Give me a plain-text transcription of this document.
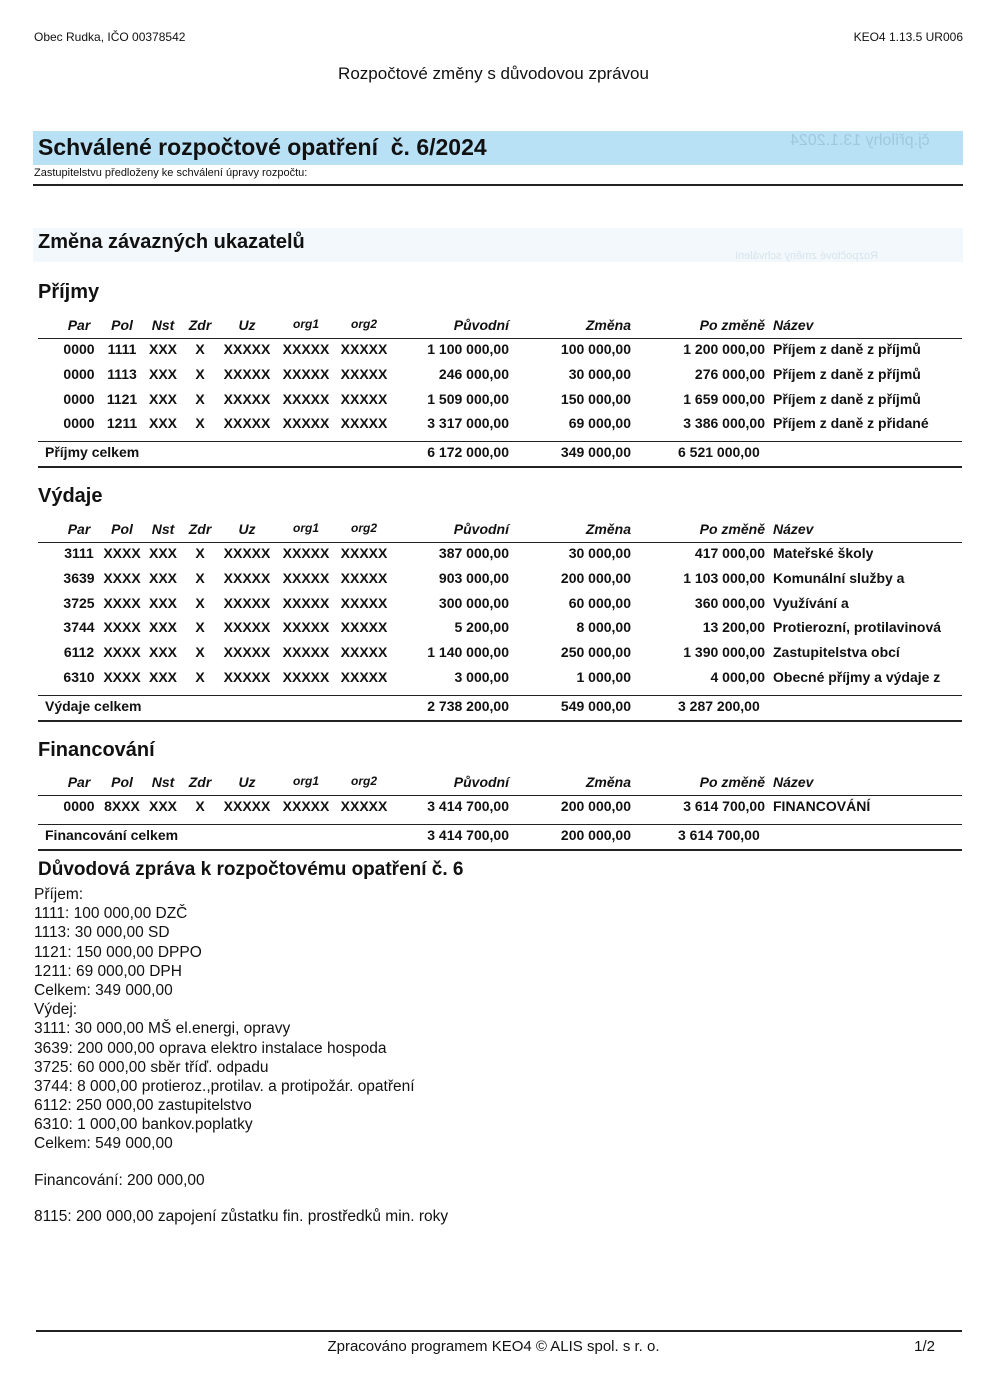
Obec Rudka, IČO 00378542	KEO4 1.13.5 UR006
Rozpočtové změny s důvodovou zprávou
čj.přílohy 13.1.2024
Schválené rozpočtové opatření  č. 6/2024
Zastupitelstvu předloženy ke schválení úpravy rozpočtu:
Rozpočtové změny schválení
Změna závazných ukazatelů
Příjmy
Par	Pol	Nst	Zdr	Uz	org1	org2	Původní	Změna	Po změně Název
0000 1111 XXX	X	XXXXX XXXXX XXXXX	1 100 000,00	100 000,00	1 200 000,00 Příjem z daně z příjmů
0000 1113 XXX	X	XXXXX XXXXX XXXXX	246 000,00	30 000,00	276 000,00 Příjem z daně z příjmů
0000 1121 XXX	X	XXXXX XXXXX XXXXX	1 509 000,00	150 000,00	1 659 000,00 Příjem z daně z příjmů
0000 1211 XXX	X	XXXXX XXXXX XXXXX	3 317 000,00	69 000,00	3 386 000,00 Příjem z daně z přidané
Příjmy celkem	6 172 000,00	349 000,00	6 521 000,00
Výdaje
Par	Pol	Nst	Zdr	Uz	org1	org2	Původní	Změna	Po změně Název
3111 XXXX XXX	X	XXXXX XXXXX XXXXX	387 000,00	30 000,00	417 000,00 Mateřské školy
3639 XXXX XXX	X	XXXXX XXXXX XXXXX	903 000,00	200 000,00	1 103 000,00 Komunální služby a
3725 XXXX XXX	X	XXXXX XXXXX XXXXX	300 000,00	60 000,00	360 000,00 Využívání a
3744 XXXX XXX	X	XXXXX XXXXX XXXXX	5 200,00	8 000,00	13 200,00 Protierozní, protilavinová
6112 XXXX XXX	X	XXXXX XXXXX XXXXX	1 140 000,00	250 000,00	1 390 000,00 Zastupitelstva obcí
6310 XXXX XXX	X	XXXXX XXXXX XXXXX	3 000,00	1 000,00	4 000,00 Obecné příjmy a výdaje z
Výdaje celkem	2 738 200,00	549 000,00	3 287 200,00
Financování
Par	Pol	Nst	Zdr	Uz	org1	org2	Původní	Změna	Po změně Název
0000 8XXX XXX	X	XXXXX XXXXX XXXXX	3 414 700,00	200 000,00	3 614 700,00 FINANCOVÁNÍ
Financování celkem	3 414 700,00	200 000,00	3 614 700,00
Důvodová zpráva k rozpočtovému opatření č. 6
Příjem:
1111: 100 000,00 DZČ
1113: 30 000,00 SD
1121: 150 000,00 DPPO
1211: 69 000,00 DPH
Celkem: 349 000,00
Výdej:
3111: 30 000,00 MŠ el.energi, opravy
3639: 200 000,00 oprava elektro instalace hospoda
3725: 60 000,00 sběr tříď. odpadu
3744: 8 000,00 protieroz.,protilav. a protipožár. opatření
6112: 250 000,00 zastupitelstvo
6310: 1 000,00 bankov.poplatky
Celkem: 549 000,00
Financování: 200 000,00
8115: 200 000,00 zapojení zůstatku fin. prostředků min. roky
Zpracováno programem KEO4 © ALIS spol. s r. o.	1/2
